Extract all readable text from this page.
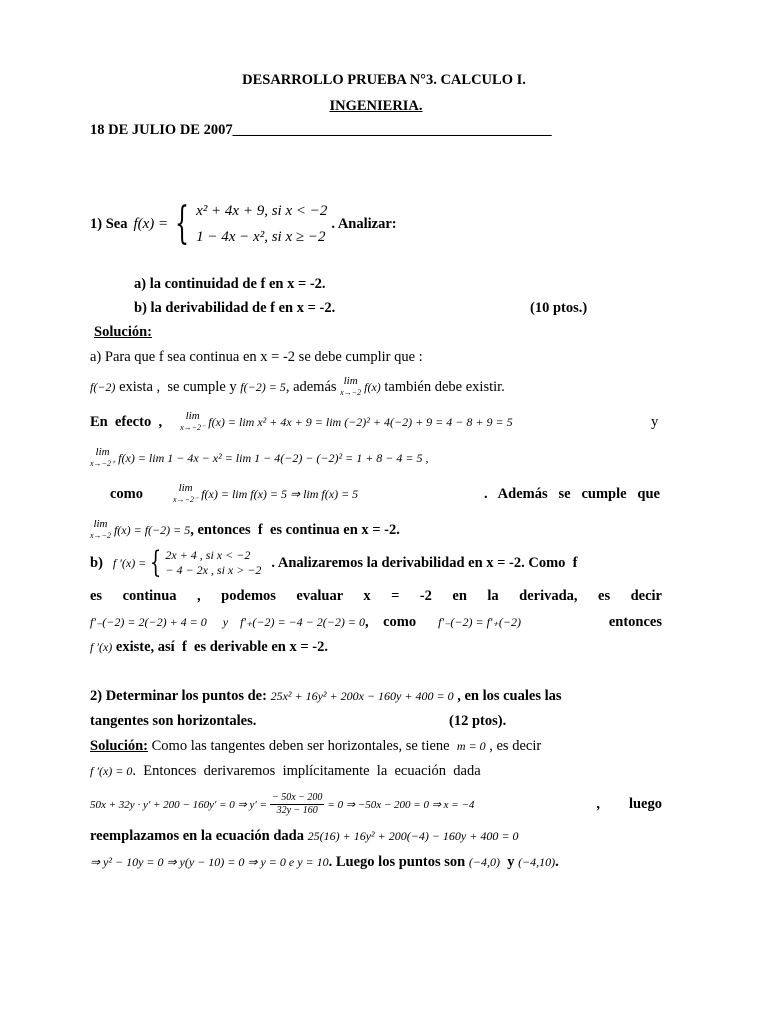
DESARROLLO PRUEBA N°3. CALCULO I.
INGENIERIA.
18 DE JULIO DE 2007____________________________________________
1) Sea f(x) = { x² + 4x + 9, si x < −2
1 − 4x − x², si x ≥ −2
. Analizar:
a) la continuidad de f en x = -2.
b) la derivabilidad de f en x = -2.	(10 ptos.)
Solución:
a) Para que f sea continua en x = -2 se debe cumplir que :
f(−2) exista ,  se cumple y f(−2) = 5 , además lim
x→−2 f(x) también debe existir.
En  efecto  , lim
x→−2⁻ f(x) = lim x² + 4x + 9 = lim (−2)² + 4(−2) + 9 = 4 − 8 + 9 = 5	y
lim
x→−2⁺ f(x) = lim 1 − 4x − x² = lim 1 − 4(−2) − (−2)² = 1 + 8 − 4 = 5 ,
como	lim
x→−2⁻ f(x) = lim f(x) = 5 ⇒ lim f(x) = 5	.   Además   se   cumple   que
lim
x→−2 f(x) = f(−2) = 5 , entonces  f  es continua en x = -2.
b) f ′(x) = { 2x + 4 , si x < −2
− 4 − 2x , si x > −2 . Analizaremos la derivabilidad en x = -2. Como  f
es continua , podemos evaluar x = -2 en la derivada, es decir
f′₋(−2) = 2(−2) + 4 = 0 y f′₊(−2) = −4 − 2(−2) = 0 ,    como f′₋(−2) = f′₊(−2)	entonces
f ′(x) existe, así  f  es derivable en x = -2.
2) Determinar los puntos de: 25x² + 16y² + 200x − 160y + 400 = 0 , en los cuales las
tangentes son horizontales.	(12 ptos).
Solución: Como las tangentes deben ser horizontales, se tiene m = 0 , es decir
f ′(x) = 0 .  Entonces  derivaremos  implícitamente  la  ecuación  dada
50x + 32y · y′ + 200 − 160y′ = 0 ⇒ $y' = \frac{- 50x - 200}{32y - 160} = 0$ ⇒ −50x − 200 = 0 ⇒ x = −4	,        luego
reemplazamos en la ecuación dada 25(16) + 16y² + 200(−4) − 160y + 400 = 0
⇒ y² − 10y = 0 ⇒ y(y − 10) = 0 ⇒ y = 0 e y = 10 . Luego los puntos son (−4,0) y (−4,10) .
